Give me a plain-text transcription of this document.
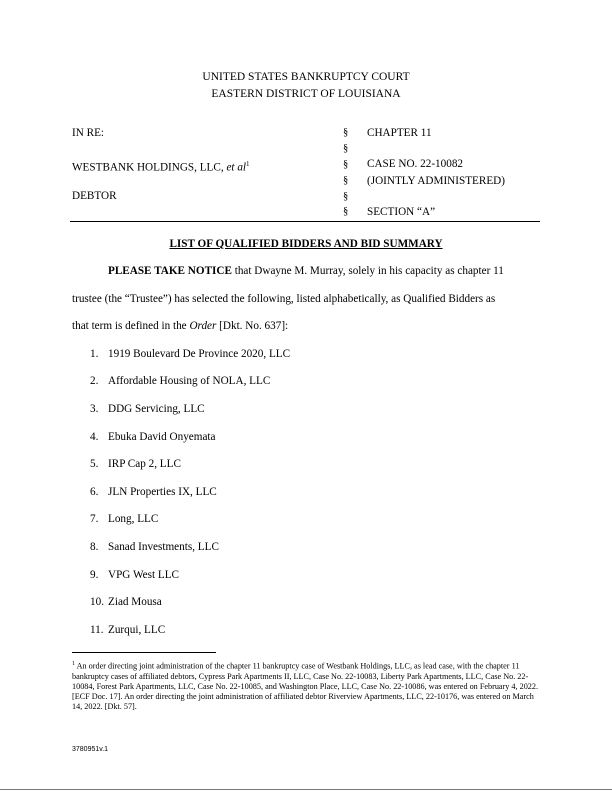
UNITED STATES BANKRUPTCY COURT
EASTERN DISTRICT OF LOUISIANA
IN RE:
WESTBANK HOLDINGS, LLC, et $al^1$
DEBTOR
§
§
§
§
§
§
CHAPTER 11
CASE NO. 22-10082
(JOINTLY ADMINISTERED)
SECTION “A”
LIST OF QUALIFIED BIDDERS AND BID SUMMARY
PLEASE TAKE NOTICE that Dwayne M. Murray, solely in his capacity as chapter 11
trustee (the “Trustee”) has selected the following, listed alphabetically, as Qualified Bidders as
that term is defined in the Order [Dkt. No. 637]:
1. 1919 Boulevard De Province 2020, LLC
2. Affordable Housing of NOLA, LLC
3. DDG Servicing, LLC
4. Ebuka David Onyemata
5. IRP Cap 2, LLC
6. JLN Properties IX, LLC
7. Long, LLC
8. Sanad Investments, LLC
9. VPG West LLC
10. Ziad Mousa
11. Zurqui, LLC
$^1$ An order directing joint administration of the chapter 11 bankruptcy case of Westbank Holdings, LLC, as lead case, with the chapter 11 bankruptcy cases of affiliated debtors, Cypress Park Apartments II, LLC, Case No. 22-10083, Liberty Park Apartments, LLC, Case No. 22-10084, Forest Park Apartments, LLC, Case No. 22-10085, and Washington Place, LLC, Case No. 22-10086, was entered on February 4, 2022. [ECF Doc. 17]. An order directing the joint administration of affiliated debtor Riverview Apartments, LLC, 22-10176, was entered on March 14, 2022. [Dkt. 57].
3780951v.1
